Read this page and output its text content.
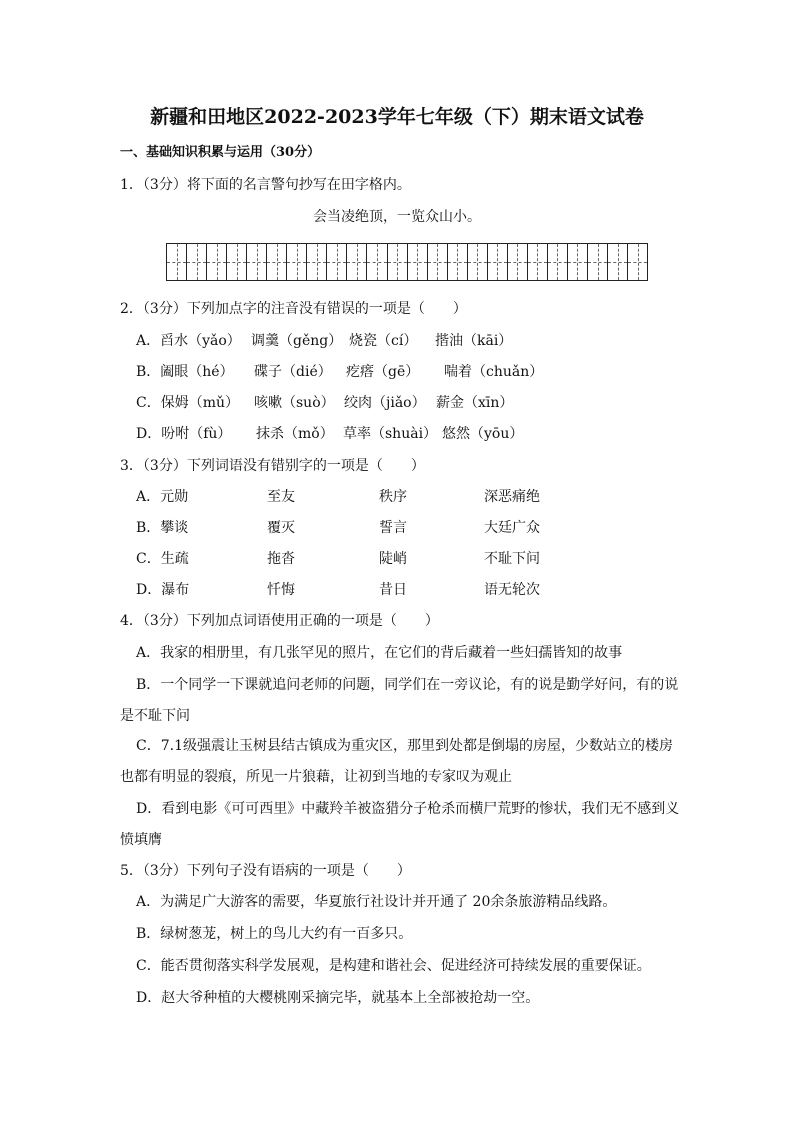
新疆和田地区2022-2023学年七年级（下）期末语文试卷
一、基础知识积累与运用（30分）
1．（3分）将下面的名言警句抄写在田字格内。
会当凌绝顶，一览众山小。
2．（3分）下列加点字的注音没有错误的一项是（　　）
A．舀水（yǎo） 调羹（gěng） 烧瓷（cí） 揩油（kāi）
B．阖眼（hé） 碟子（dié） 疙瘩（gē） 喘着（chuǎn）
C．保姆（mǔ） 咳嗽（suò） 绞肉（jiǎo） 薪金（xīn）
D．吩咐（fù） 抹杀（mǒ） 草率（shuài） 悠然（yōu）
3．（3分）下列词语没有错别字的一项是（　　）
A．元勋	至友	秩序	深恶痛绝
B．攀谈	覆灭	誓言	大廷广众
C．生疏	拖沓	陡峭	不耻下问
D．瀑布	忏悔	昔日	语无轮次
4．（3分）下列加点词语使用正确的一项是（　　）
A．我家的相册里，有几张罕见的照片，在它们的背后藏着一些妇孺皆知的故事
B．一个同学一下课就追问老师的问题，同学们在一旁议论，有的说是勤学好问，有的说
是不耻下问
C．7.1级强震让玉树县结古镇成为重灾区，那里到处都是倒塌的房屋，少数站立的楼房
也都有明显的裂痕，所见一片狼藉，让初到当地的专家叹为观止
D．看到电影《可可西里》中藏羚羊被盗猎分子枪杀而横尸荒野的惨状，我们无不感到义
愤填膺
5．（3分）下列句子没有语病的一项是（　　）
A．为满足广大游客的需要，华夏旅行社设计并开通了 20余条旅游精品线路。
B．绿树葱茏，树上的鸟儿大约有一百多只。
C．能否贯彻落实科学发展观，是构建和谐社会、促进经济可持续发展的重要保证。
D．赵大爷种植的大樱桃刚采摘完毕，就基本上全部被抢劫一空。
